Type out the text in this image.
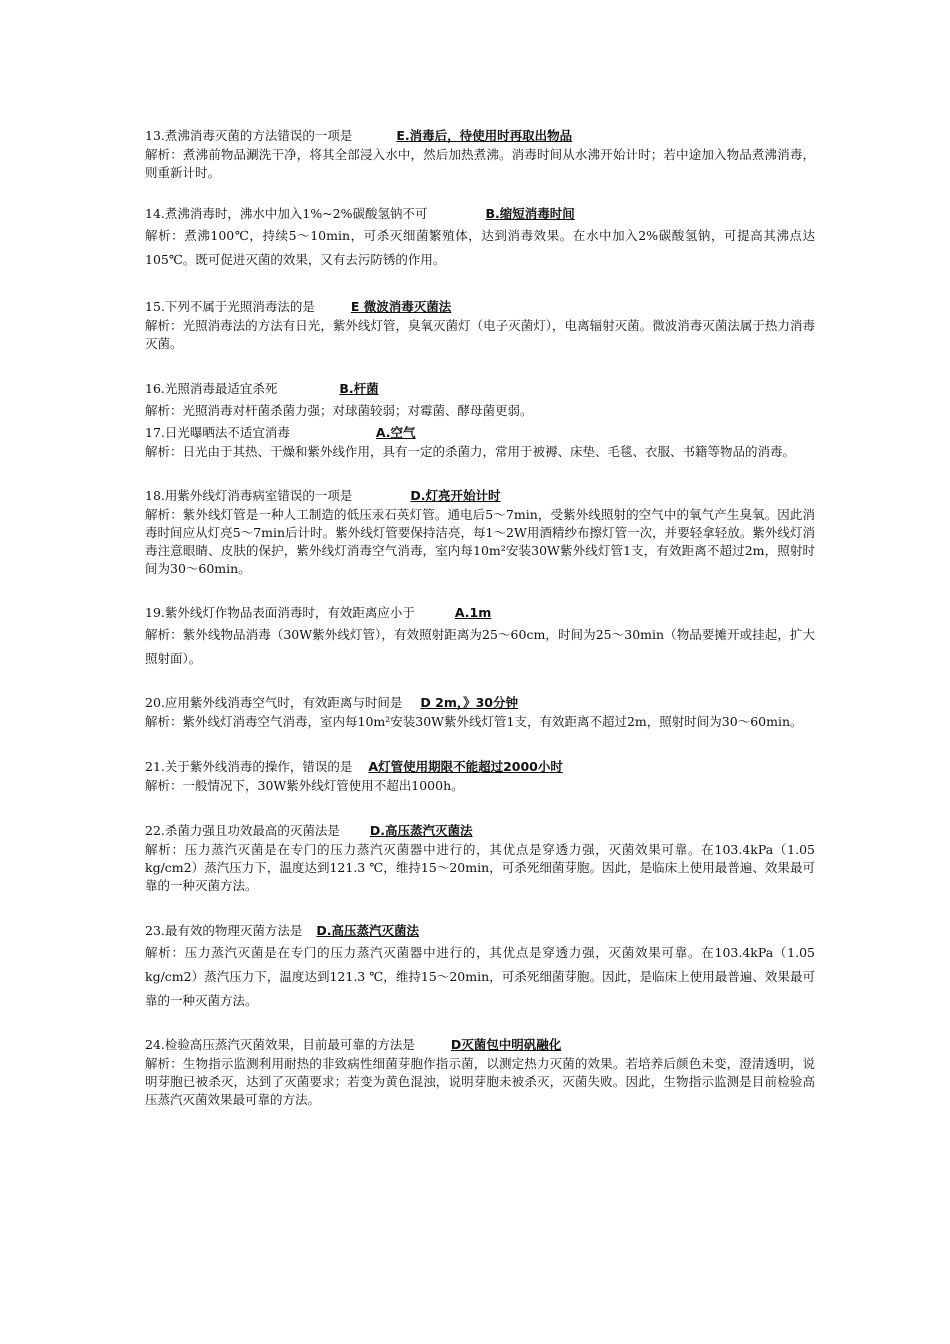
13.煮沸消毒灭菌的方法错误的一项是	E.消毒后，待使用时再取出物品
解析：煮沸前物品涮洗干净，将其全部浸入水中，然后加热煮沸。消毒时间从水沸开始计时；若中途加入物品煮沸消毒，则重新计时。
14.煮沸消毒时，沸水中加入1%~2%碳酸氢钠不可	B.缩短消毒时间
解析：煮沸100℃，持续5～10min，可杀灭细菌繁殖体，达到消毒效果。在水中加入2%碳酸氢钠，可提高其沸点达105℃。既可促进灭菌的效果，又有去污防锈的作用。
15.下列不属于光照消毒法的是	E 微波消毒灭菌法
解析：光照消毒法的方法有日光，紫外线灯管，臭氧灭菌灯（电子灭菌灯），电离辐射灭菌。微波消毒灭菌法属于热力消毒灭菌。
16.光照消毒最适宜杀死	B.杆菌
解析：光照消毒对杆菌杀菌力强；对球菌较弱；对霉菌、酵母菌更弱。
17.日光曝晒法不适宜消毒	A.空气
解析：日光由于其热、干燥和紫外线作用，具有一定的杀菌力，常用于被褥、床垫、毛毯、衣服、书籍等物品的消毒。
18.用紫外线灯消毒病室错误的一项是	D.灯亮开始计时
解析：紫外线灯管是一种人工制造的低压汞石英灯管。通电后5～7min，受紫外线照射的空气中的氧气产生臭氧。因此消毒时间应从灯亮5～7min后计时。紫外线灯管要保持洁亮，每1～2W用酒精纱布擦灯管一次，并要轻拿轻放。紫外线灯消毒注意眼睛、皮肤的保护，紫外线灯消毒空气消毒，室内每10m²安装30W紫外线灯管1支，有效距离不超过2m，照射时间为30～60min。
19.紫外线灯作物品表面消毒时，有效距离应小于	A.1m
解析：紫外线物品消毒（30W紫外线灯管），有效照射距离为25～60cm，时间为25～30min（物品要摊开或挂起，扩大照射面）。
20.应用紫外线消毒空气时，有效距离与时间是 D 2m，》30分钟
解析：紫外线灯消毒空气消毒，室内每10m²安装30W紫外线灯管1支，有效距离不超过2m，照射时间为30～60min。
21.关于紫外线消毒的操作，错误的是 A灯管使用期限不能超过2000小时
解析：一般情况下，30W紫外线灯管使用不超出1000h。
22.杀菌力强且功效最高的灭菌法是 D.高压蒸汽灭菌法
解析：压力蒸汽灭菌是在专门的压力蒸汽灭菌器中进行的，其优点是穿透力强，灭菌效果可靠。在103.4kPa（1.05 kg/cm2）蒸汽压力下，温度达到121.3 ℃，维持15～20min，可杀死细菌芽胞。因此，是临床上使用最普遍、效果最可靠的一种灭菌方法。
23.最有效的物理灭菌方法是 D.高压蒸汽灭菌法
解析：压力蒸汽灭菌是在专门的压力蒸汽灭菌器中进行的，其优点是穿透力强，灭菌效果可靠。在103.4kPa（1.05 kg/cm2）蒸汽压力下，温度达到121.3 ℃，维持15～20min，可杀死细菌芽胞。因此，是临床上使用最普遍、效果最可靠的一种灭菌方法。
24.检验高压蒸汽灭菌效果，目前最可靠的方法是	D灭菌包中明矾融化
解析：生物指示监测利用耐热的非致病性细菌芽胞作指示菌，以测定热力灭菌的效果。若培养后颜色未变，澄清透明，说明芽胞已被杀灭，达到了灭菌要求；若变为黄色混浊，说明芽胞未被杀灭，灭菌失败。因此，生物指示监测是目前检验高压蒸汽灭菌效果最可靠的方法。
